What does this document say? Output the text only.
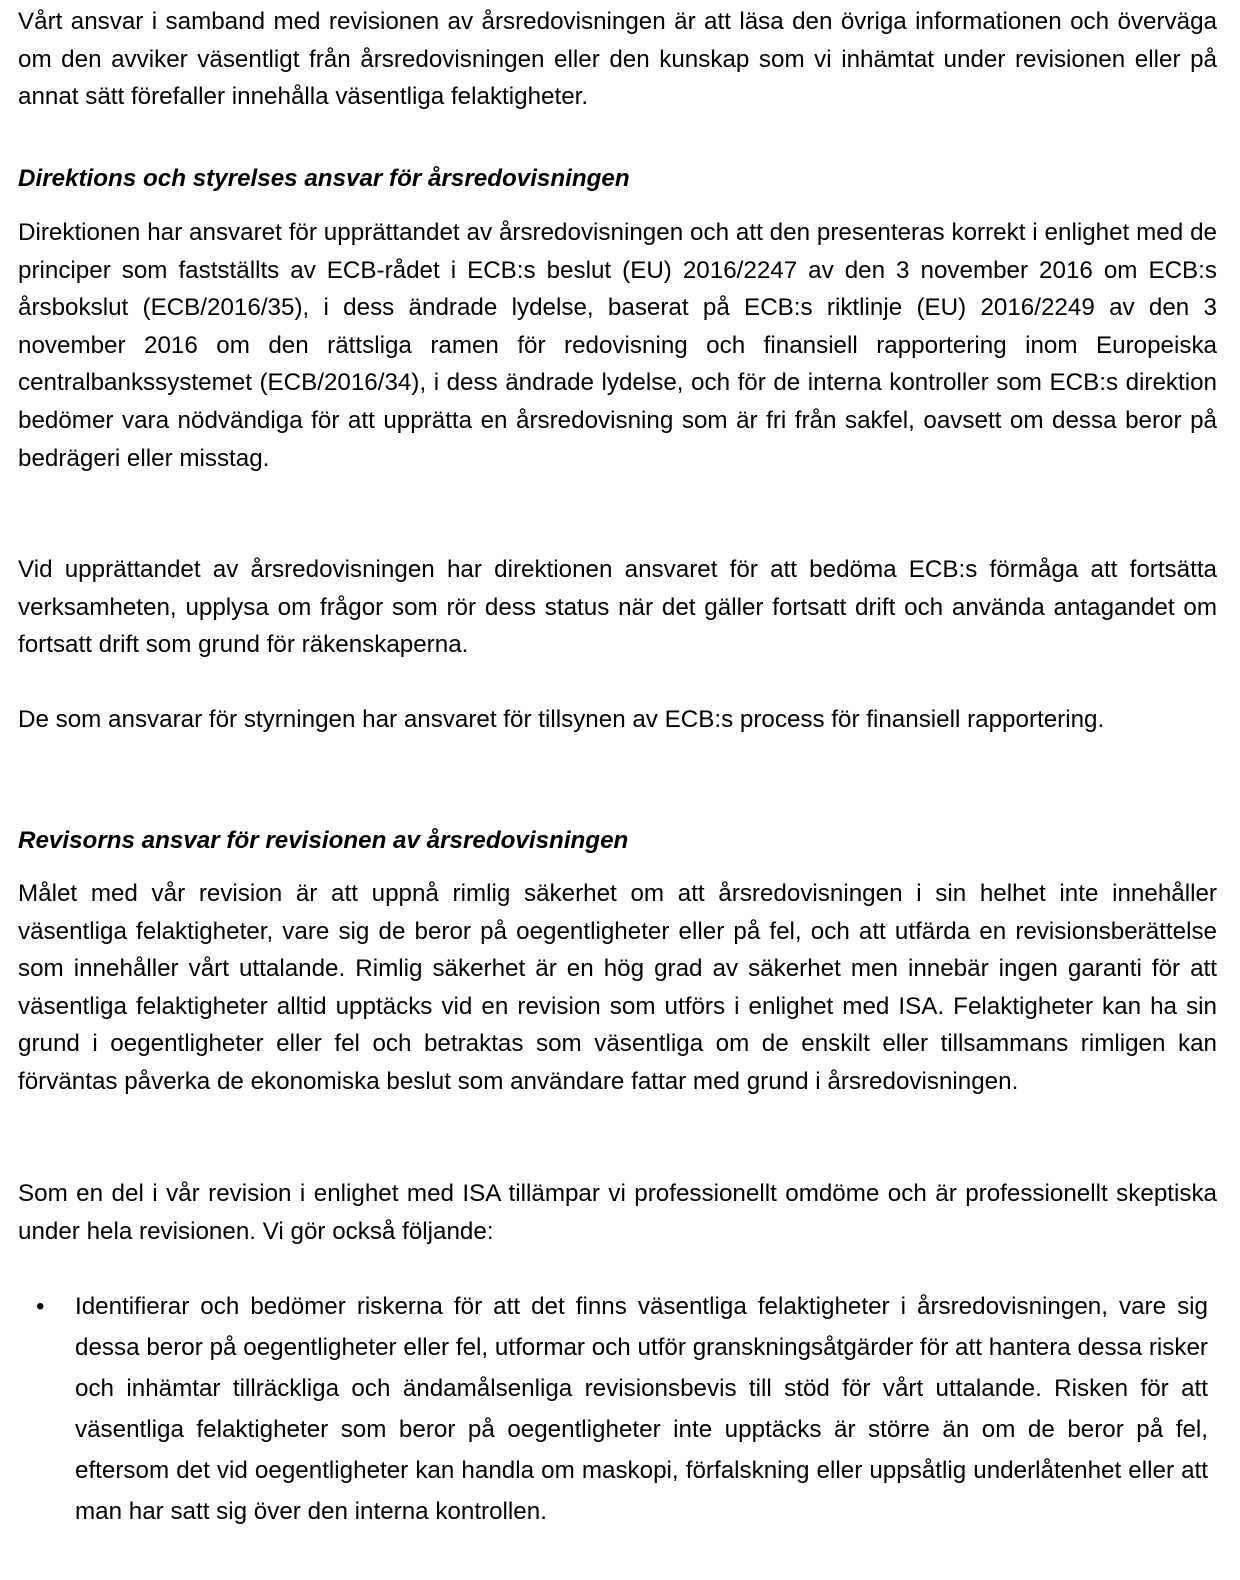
Vårt ansvar i samband med revisionen av årsredovisningen är att läsa den övriga informationen och överväga om den avviker väsentligt från årsredovisningen eller den kunskap som vi inhämtat under revisionen eller på annat sätt förefaller innehålla väsentliga felaktigheter.

Direktions och styrelses ansvar för årsredovisningen

Direktionen har ansvaret för upprättandet av årsredovisningen och att den presenteras korrekt i enlighet med de principer som fastställts av ECB-rådet i ECB:s beslut (EU) 2016/2247 av den 3 november 2016 om ECB:s årsbokslut (ECB/2016/35), i dess ändrade lydelse, baserat på ECB:s riktlinje (EU) 2016/2249 av den 3 november 2016 om den rättsliga ramen för redovisning och finansiell rapportering inom Europeiska centralbankssystemet (ECB/2016/34), i dess ändrade lydelse, och för de interna kontroller som ECB:s direktion bedömer vara nödvändiga för att upprätta en årsredovisning som är fri från sakfel, oavsett om dessa beror på bedrägeri eller misstag.

Vid upprättandet av årsredovisningen har direktionen ansvaret för att bedöma ECB:s förmåga att fortsätta verksamheten, upplysa om frågor som rör dess status när det gäller fortsatt drift och använda antagandet om fortsatt drift som grund för räkenskaperna.

De som ansvarar för styrningen har ansvaret för tillsynen av ECB:s process för finansiell rapportering.

Revisorns ansvar för revisionen av årsredovisningen

Målet med vår revision är att uppnå rimlig säkerhet om att årsredovisningen i sin helhet inte innehåller väsentliga felaktigheter, vare sig de beror på oegentligheter eller på fel, och att utfärda en revisionsberättelse som innehåller vårt uttalande. Rimlig säkerhet är en hög grad av säkerhet men innebär ingen garanti för att väsentliga felaktigheter alltid upptäcks vid en revision som utförs i enlighet med ISA. Felaktigheter kan ha sin grund i oegentligheter eller fel och betraktas som väsentliga om de enskilt eller tillsammans rimligen kan förväntas påverka de ekonomiska beslut som användare fattar med grund i årsredovisningen.

Som en del i vår revision i enlighet med ISA tillämpar vi professionellt omdöme och är professionellt skeptiska under hela revisionen. Vi gör också följande:

• Identifierar och bedömer riskerna för att det finns väsentliga felaktigheter i årsredovisningen, vare sig dessa beror på oegentligheter eller fel, utformar och utför granskningsåtgärder för att hantera dessa risker och inhämtar tillräckliga och ändamålsenliga revisionsbevis till stöd för vårt uttalande. Risken för att väsentliga felaktigheter som beror på oegentligheter inte upptäcks är större än om de beror på fel, eftersom det vid oegentligheter kan handla om maskopi, förfalskning eller uppsåtlig underlåtenhet eller att man har satt sig över den interna kontrollen.
